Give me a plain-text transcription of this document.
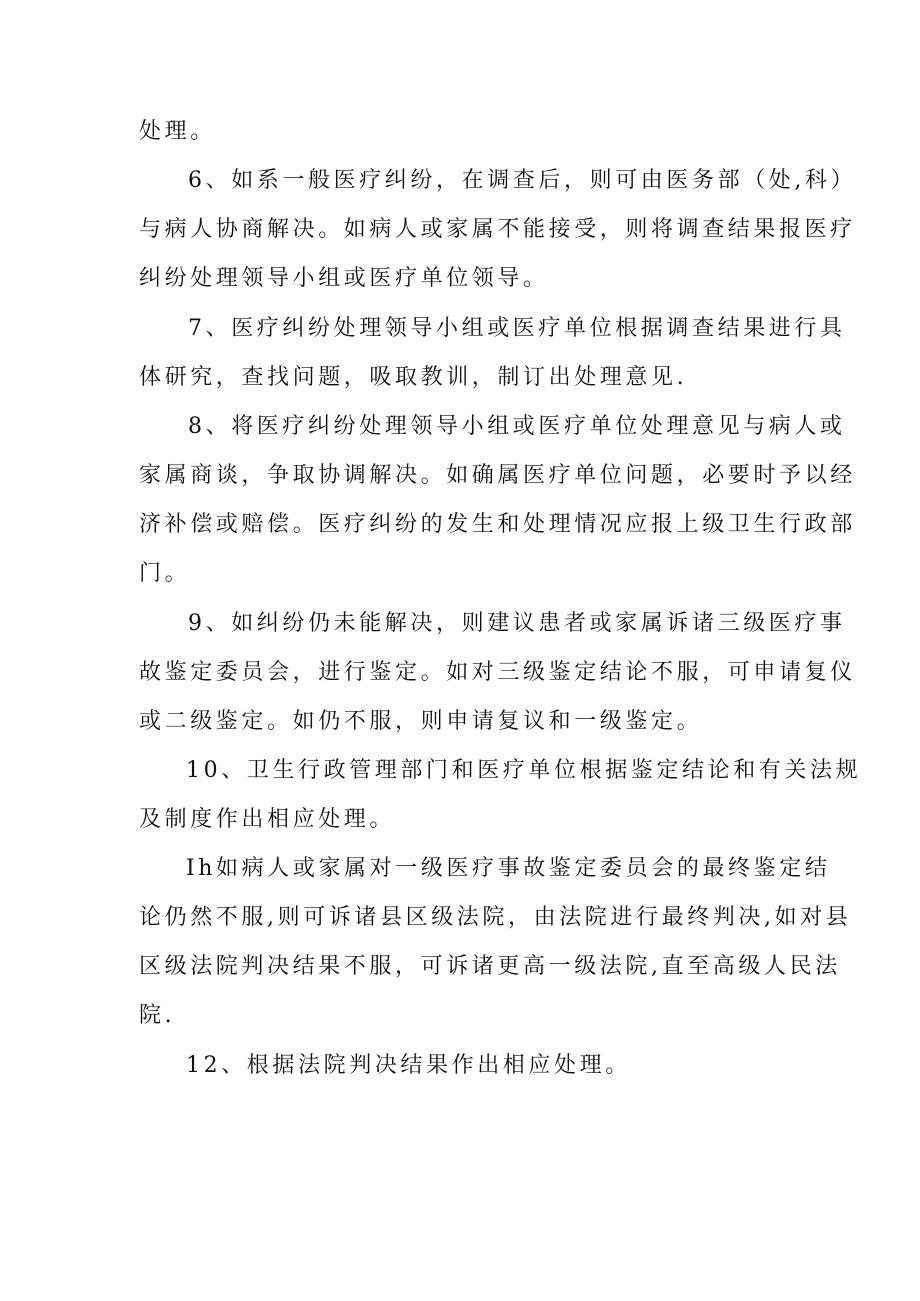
处理。

6、如系一般医疗纠纷，在调查后，则可由医务部（处,科）

与病人协商解决。如病人或家属不能接受，则将调查结果报医疗

纠纷处理领导小组或医疗单位领导。

7、医疗纠纷处理领导小组或医疗单位根据调查结果进行具

体研究，查找问题，吸取教训，制订出处理意见.

8、将医疗纠纷处理领导小组或医疗单位处理意见与病人或

家属商谈，争取协调解决。如确属医疗单位问题，必要时予以经

济补偿或赔偿。医疗纠纷的发生和处理情况应报上级卫生行政部

门。

9、如纠纷仍未能解决，则建议患者或家属诉诸三级医疗事

故鉴定委员会，进行鉴定。如对三级鉴定结论不服，可申请复仪

或二级鉴定。如仍不服，则申请复议和一级鉴定。

10、卫生行政管理部门和医疗单位根据鉴定结论和有关法规

及制度作出相应处理。

Ih如病人或家属对一级医疗事故鉴定委员会的最终鉴定结

论仍然不服,则可诉诸县区级法院，由法院进行最终判决,如对县

区级法院判决结果不服，可诉诸更高一级法院,直至高级人民法

院.

12、根据法院判决结果作出相应处理。
